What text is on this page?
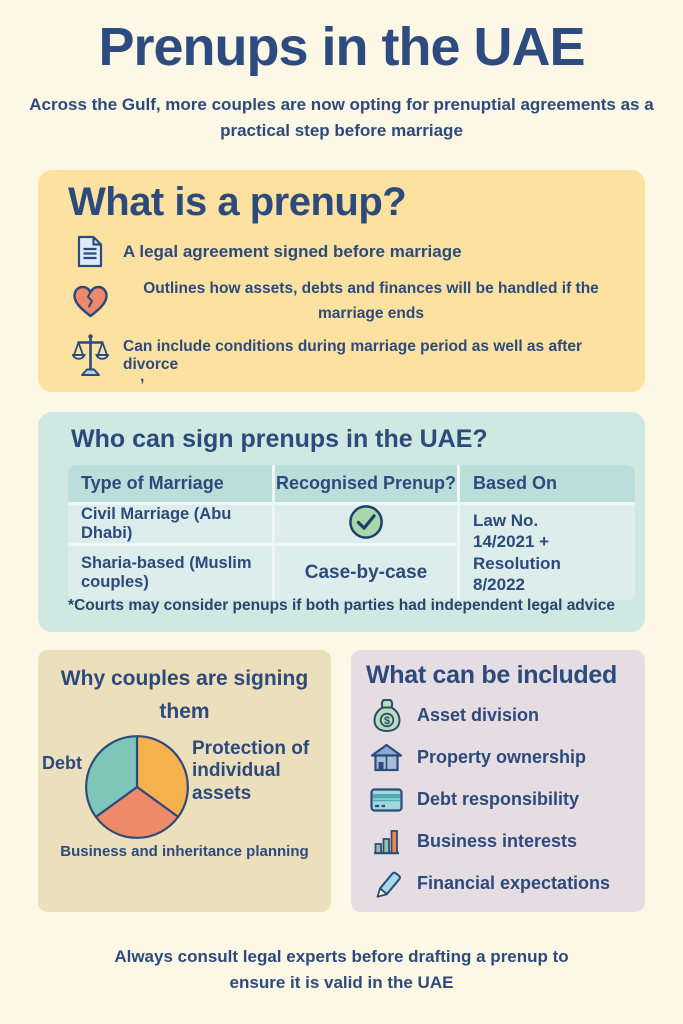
Prenups in the UAE

Across the Gulf, more couples are now opting for prenuptial agreements as a practical step before marriage

What is a prenup?

A legal agreement signed before marriage

Outlines how assets, debts and finances will be handled if the marriage ends

Can include conditions during marriage period as well as after divorce

,
Who can sign prenups in the UAE?
Type of Marriage	Recognised Prenup? Based On
Civil Marriage (Abu Dhabi)
Law No. 14/2021 + Resolution 8/2022
Sharia-based (Muslim couples)	Case-by-case

*Courts may consider penups if both parties had independent legal advice

Why couples are signing them
Debt
Protection of individual assets
Business and inheritance planning
What can be included
$ Asset division
Property ownership
Debt responsibility
Business interests
Financial expectations

Always consult legal experts before drafting a prenup to ensure it is valid in the UAE
